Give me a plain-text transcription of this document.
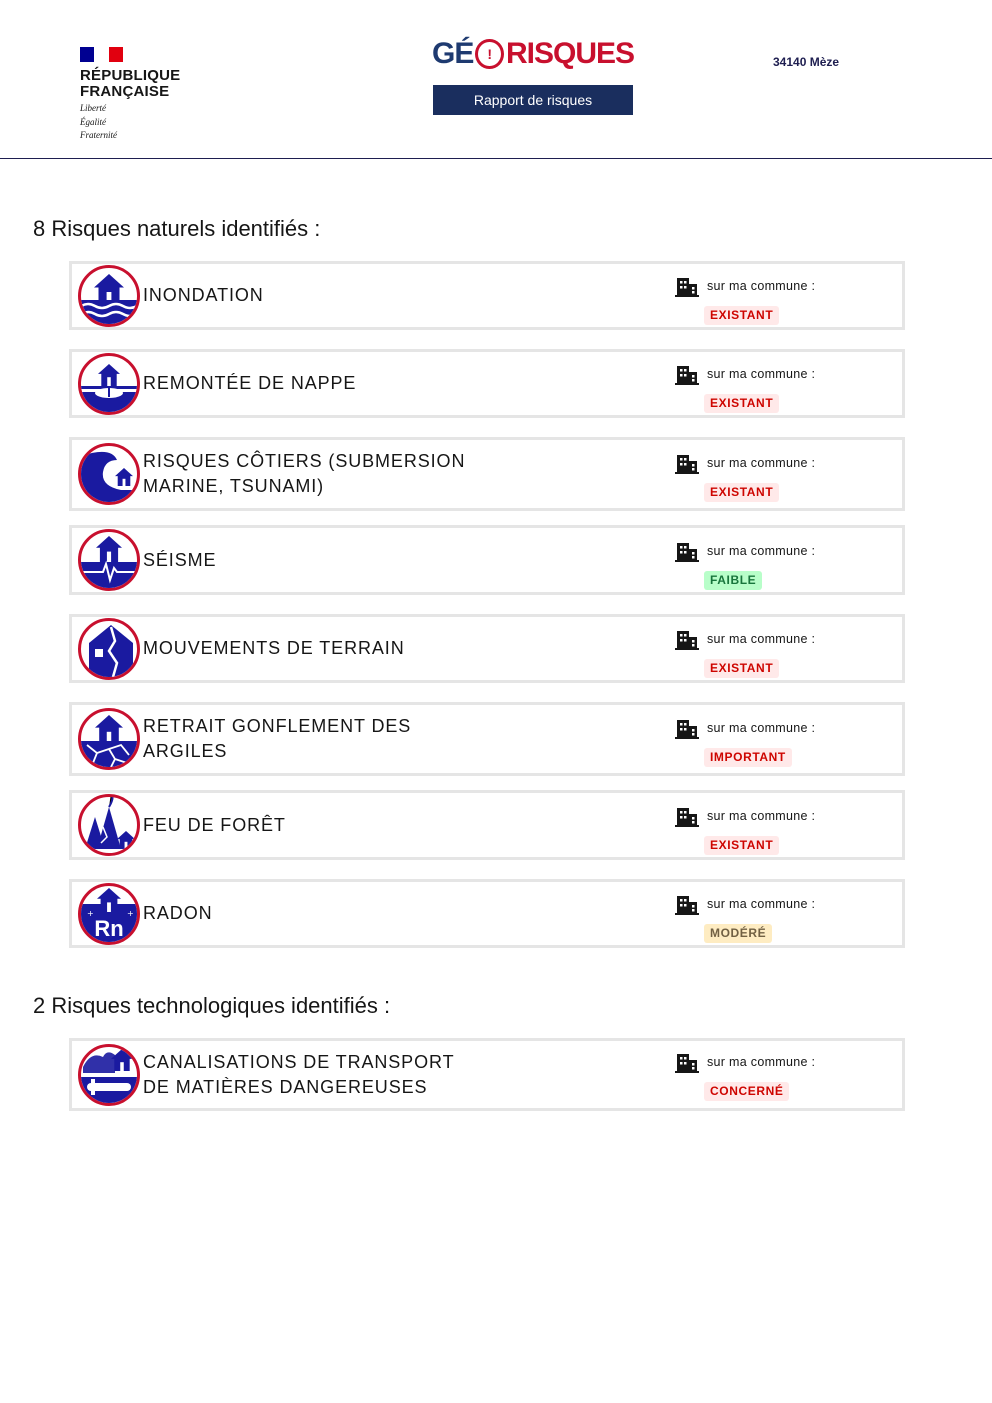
RÉPUBLIQUE
FRANÇAISE
Liberté
Égalité
Fraternité
GÉ ! RISQUES
Rapport de risques
34140 Mèze
8 Risques naturels identifiés :
INONDATION	sur ma commune :
EXISTANT
REMONTÉE DE NAPPE	sur ma commune :
EXISTANT
RISQUES CÔTIERS (SUBMERSION MARINE, TSUNAMI)
sur ma commune :
EXISTANT
SÉISME	sur ma commune :
FAIBLE
MOUVEMENTS DE TERRAIN	sur ma commune :
EXISTANT
RETRAIT GONFLEMENT DES ARGILES
sur ma commune :
IMPORTANT
FEU DE FORÊT	sur ma commune :
EXISTANT
Rn
+	+ RADON	sur ma commune :
MODÉRÉ
2 Risques technologiques identifiés :
CANALISATIONS DE TRANSPORT DE MATIÈRES DANGEREUSES
sur ma commune :
CONCERNÉ
